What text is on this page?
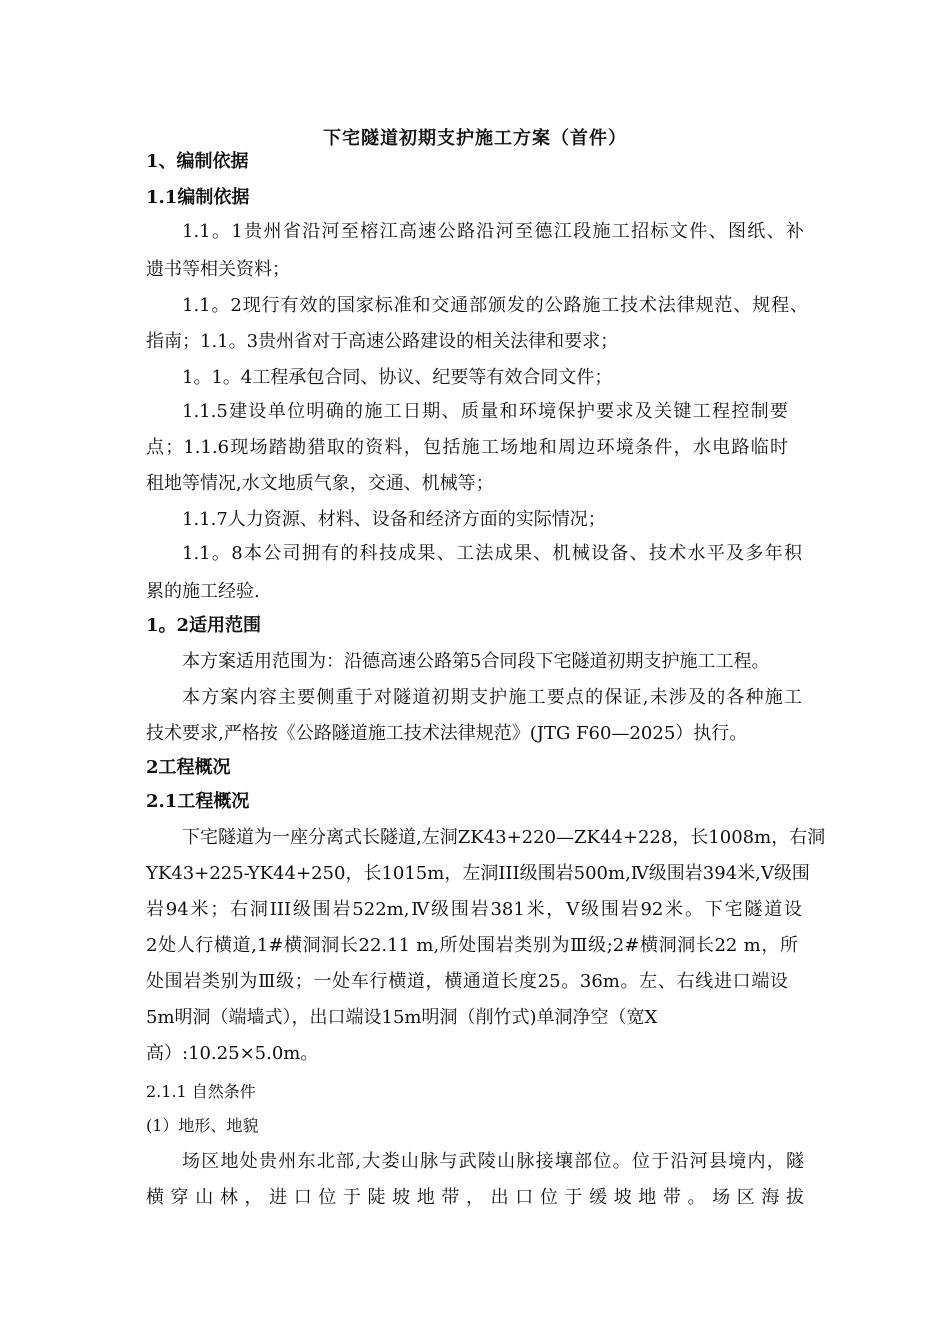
下宅隧道初期支护施工方案（首件）
1、编制依据
1.1编制依据
1.1。1贵州省沿河至榕江高速公路沿河至德江段施工招标文件、图纸、补
遗书等相关资料；
1.1。2现行有效的国家标准和交通部颁发的公路施工技术法律规范、规程、
指南；1.1。3贵州省对于高速公路建设的相关法律和要求；
1。1。4工程承包合同、协议、纪要等有效合同文件；
1.1.5建设单位明确的施工日期、质量和环境保护要求及关键工程控制要
点；1.1.6现场踏勘猎取的资料，包括施工场地和周边环境条件，水电路临时
租地等情况,水文地质气象，交通、机械等；
1.1.7人力资源、材料、设备和经济方面的实际情况；
1.1。8本公司拥有的科技成果、工法成果、机械设备、技术水平及多年积
累的施工经验.
1。2适用范围
本方案适用范围为：沿德高速公路第5合同段下宅隧道初期支护施工工程。
本方案内容主要侧重于对隧道初期支护施工要点的保证,未涉及的各种施工
技术要求,严格按《公路隧道施工技术法律规范》(JTG F60—2025）执行。
2工程概况
2.1工程概况
下宅隧道为一座分离式长隧道,左洞ZK43+220—ZK44+228，长1008m，右洞
YK43+225-YK44+250，长1015m，左洞III级围岩500m,Ⅳ级围岩394米,Ⅴ级围
岩94米；右洞III级围岩522m,Ⅳ级围岩381米，Ⅴ级围岩92米。下宅隧道设
2处人行横道,1#横洞洞长22.11 m,所处围岩类别为Ⅲ级;2#横洞洞长22 m，所
处围岩类别为Ⅲ级；一处车行横道，横通道长度25。36m。左、右线进口端设
5m明洞（端墙式），出口端设15m明洞（削竹式)单洞净空（宽X
高）:10.25×5.0m。
2.1.1 自然条件
(1）地形、地貌
场区地处贵州东北部,大娄山脉与武陵山脉接壤部位。位于沿河县境内，隧
横 穿 山 林 ， 进 口 位 于 陡 坡 地 带 ， 出 口 位 于 缓 坡 地 带 。 场 区 海 拔
